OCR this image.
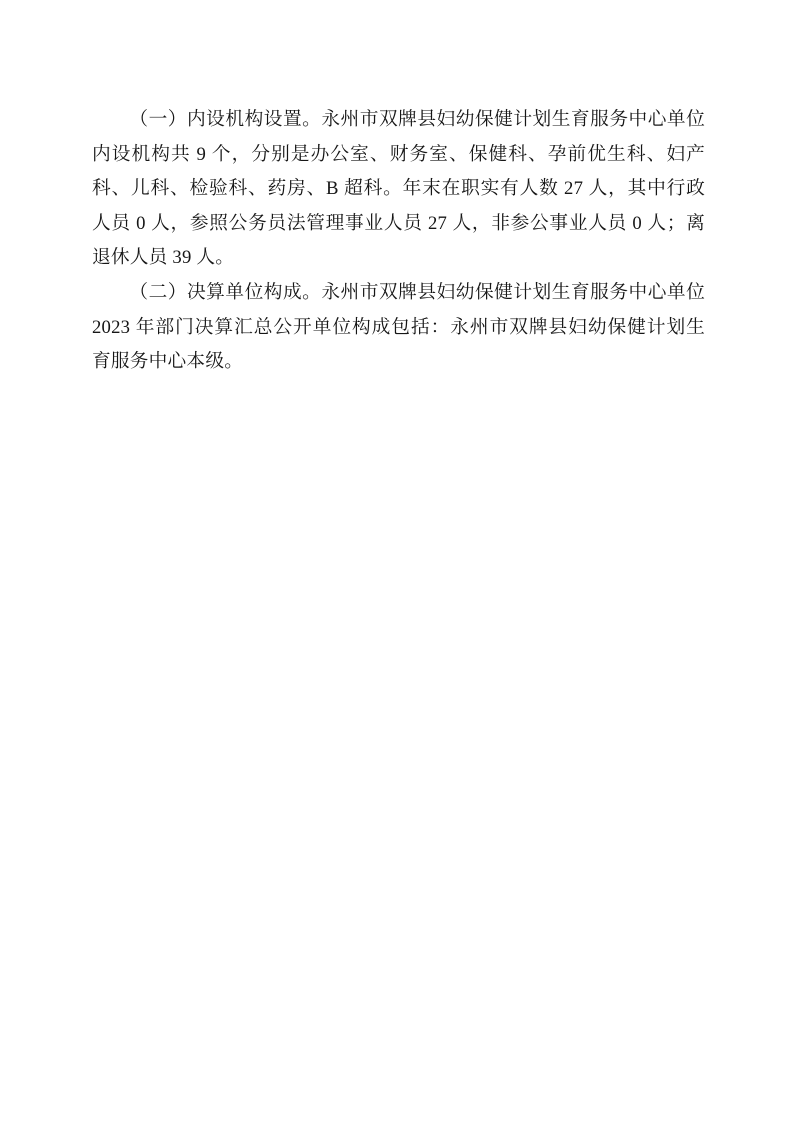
（一）内设机构设置。永州市双牌县妇幼保健计划生育服务中心单位

内设机构共 9 个，分别是办公室、财务室、保健科、孕前优生科、妇产

科、儿科、检验科、药房、B 超科。年末在职实有人数 27 人，其中行政

人员 0 人，参照公务员法管理事业人员 27 人，非参公事业人员 0 人；离

退休人员 39 人。

（二）决算单位构成。永州市双牌县妇幼保健计划生育服务中心单位

2023 年部门决算汇总公开单位构成包括：永州市双牌县妇幼保健计划生

育服务中心本级。
